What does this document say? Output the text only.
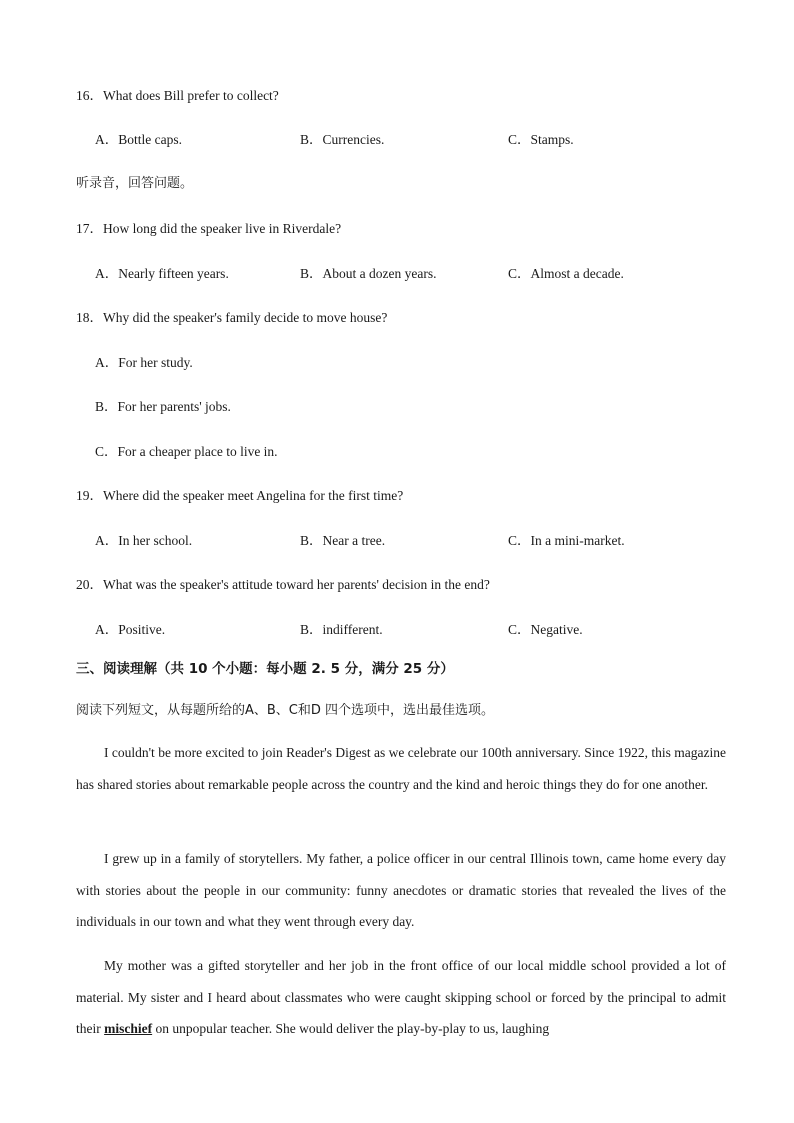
16．What does Bill prefer to collect?
A．Bottle caps.	B．Currencies.	C．Stamps.
听录音，回答问题。
17．How long did the speaker live in Riverdale?
A．Nearly fifteen years.	B．About a dozen years.	C．Almost a decade.
18．Why did the speaker's family decide to move house?
A．For her study.
B．For her parents' jobs.
C．For a cheaper place to live in.
19．Where did the speaker meet Angelina for the first time?
A．In her school.	B．Near a tree.	C．In a mini-market.
20．What was the speaker's attitude toward her parents' decision in the end?
A．Positive.	B．indifferent.	C．Negative.
三、阅读理解（共 10 个小题：每小题 2. 5 分，满分 25 分）
阅读下列短文，从每题所给的A、B、C和D 四个选项中，选出最佳选项。
I couldn't be more excited to join Reader's Digest as we celebrate our 100th anniversary. Since 1922, this magazine has shared stories about remarkable people across the country and the kind and heroic things they do for one another.
I grew up in a family of storytellers. My father, a police officer in our central Illinois town, came home every day with stories about the people in our community: funny anecdotes or dramatic stories that revealed the lives of the individuals in our town and what they went through every day.
My mother was a gifted storyteller and her job in the front office of our local middle school provided a lot of material. My sister and I heard about classmates who were caught skipping school or forced by the principal to admit their mischief on unpopular teacher. She would deliver the play-by-play to us, laughing
